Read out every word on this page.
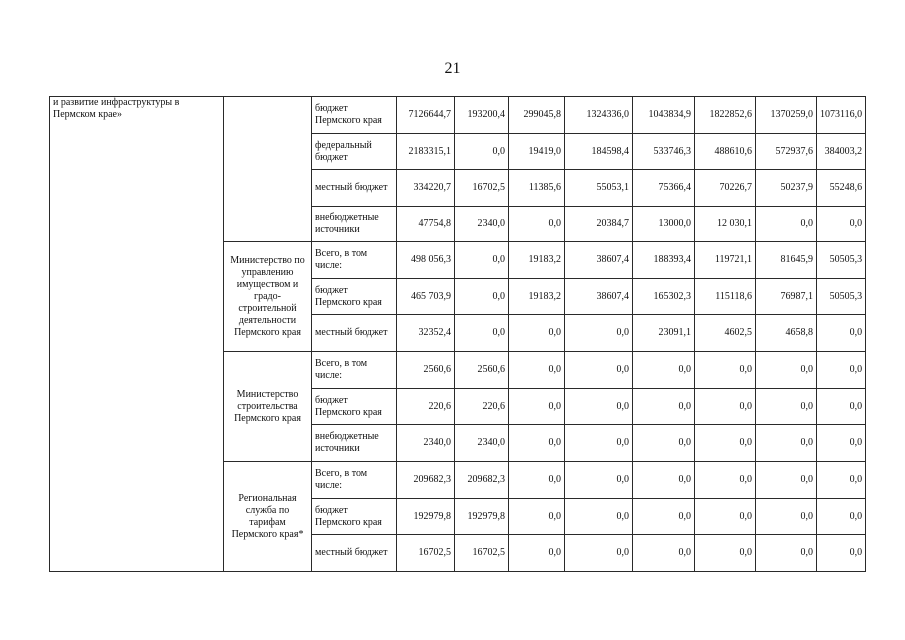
21
и развитие инфраструктуры в Пермском крае»		бюджет Пермского края	7126644,7	193200,4	299045,8	1324336,0	1043834,9	1822852,6	1370259,0	1073116,0
		федеральный бюджет	2183315,1	0,0	19419,0	184598,4	533746,3	488610,6	572937,6	384003,2
		местный бюджет	334220,7	16702,5	11385,6	55053,1	75366,4	70226,7	50237,9	55248,6
		внебюджетные источники	47754,8	2340,0	0,0	20384,7	13000,0	12 030,1	0,0	0,0
	Министерство по управлению имуществом и градо-строительной деятельности Пермского края	Всего, в том числе:	498 056,3	0,0	19183,2	38607,4	188393,4	119721,1	81645,9	50505,3
		бюджет Пермского края	465 703,9	0,0	19183,2	38607,4	165302,3	115118,6	76987,1	50505,3
		местный бюджет	32352,4	0,0	0,0	0,0	23091,1	4602,5	4658,8	0,0
	Министерство строительства Пермского края	Всего, в том числе:	2560,6	2560,6	0,0	0,0	0,0	0,0	0,0	0,0
		бюджет Пермского края	220,6	220,6	0,0	0,0	0,0	0,0	0,0	0,0
		внебюджетные источники	2340,0	2340,0	0,0	0,0	0,0	0,0	0,0	0,0
	Региональная служба по тарифам Пермского края*	Всего, в том числе:	209682,3	209682,3	0,0	0,0	0,0	0,0	0,0	0,0
		бюджет Пермского края	192979,8	192979,8	0,0	0,0	0,0	0,0	0,0	0,0
		местный бюджет	16702,5	16702,5	0,0	0,0	0,0	0,0	0,0	0,0
